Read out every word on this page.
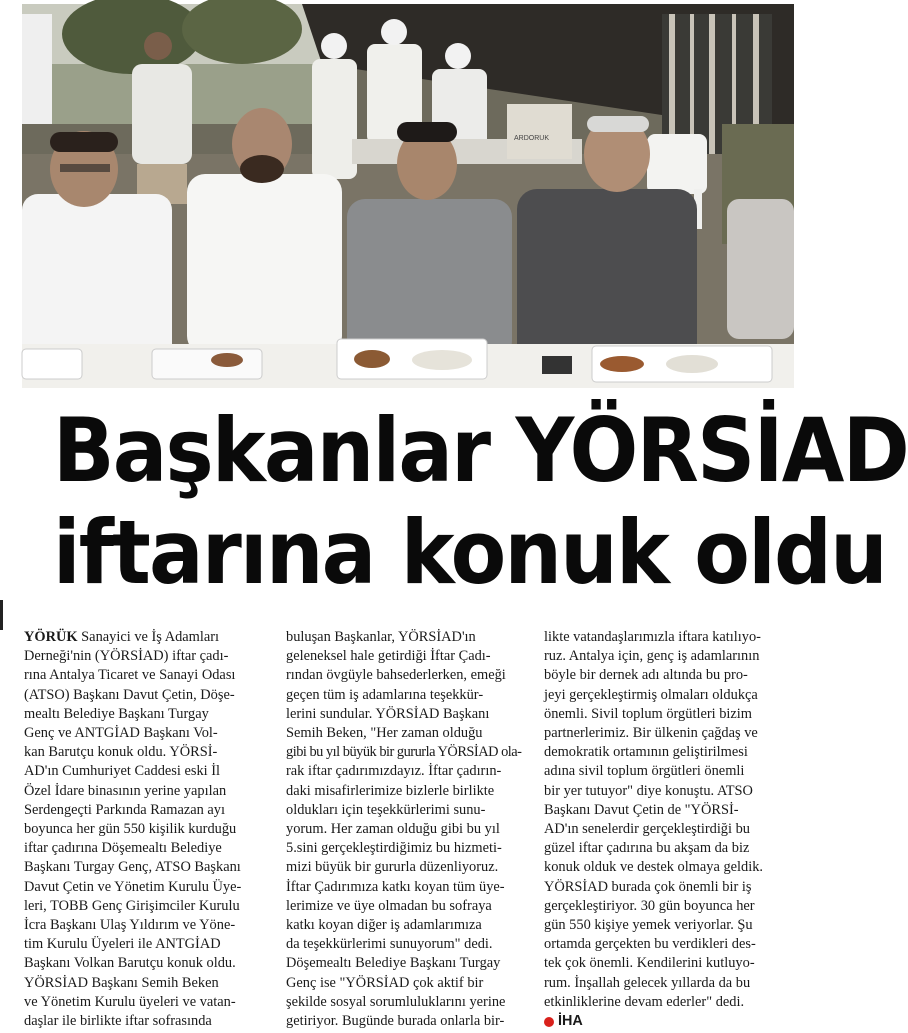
ARDORUK
Başkanlar YÖRSİAD
iftarına konuk oldu

YÖRÜK Sanayici ve İş Adamları

Derneği'nin (YÖRSİAD) iftar çadı-

rına Antalya Ticaret ve Sanayi Odası

(ATSO) Başkanı Davut Çetin, Döşe-

mealtı Belediye Başkanı Turgay

Genç ve ANTGİAD Başkanı Vol-

kan Barutçu konuk oldu. YÖRSİ-

AD'ın Cumhuriyet Caddesi eski İl

Özel İdare binasının yerine yapılan

Serdengeçti Parkında Ramazan ayı

boyunca her gün 550 kişilik kurduğu

iftar çadırına Döşemealtı Belediye

Başkanı Turgay Genç, ATSO Başkanı

Davut Çetin ve Yönetim Kurulu Üye-

leri, TOBB Genç Girişimciler Kurulu

İcra Başkanı Ulaş Yıldırım ve Yöne-

tim Kurulu Üyeleri ile ANTGİAD

Başkanı Volkan Barutçu konuk oldu.

YÖRSİAD Başkanı Semih Beken

ve Yönetim Kurulu üyeleri ve vatan-

daşlar ile birlikte iftar sofrasında

buluşan Başkanlar, YÖRSİAD'ın

geleneksel hale getirdiği İftar Çadı-

rından övgüyle bahsederlerken, emeği

geçen tüm iş adamlarına teşekkür-

lerini sundular. YÖRSİAD Başkanı

Semih Beken, "Her zaman olduğu

gibi bu yıl büyük bir gururla YÖRSİAD ola-

rak iftar çadırımızdayız. İftar çadırın-

daki misafirlerimize bizlerle birlikte

oldukları için teşekkürlerimi sunu-

yorum. Her zaman olduğu gibi bu yıl

5.sini gerçekleştirdiğimiz bu hizmeti-

mizi büyük bir gururla düzenliyoruz.

İftar Çadırımıza katkı koyan tüm üye-

lerimize ve üye olmadan bu sofraya

katkı koyan diğer iş adamlarımıza

da teşekkürlerimi sunuyorum" dedi.

Döşemealtı Belediye Başkanı Turgay

Genç ise "YÖRSİAD çok aktif bir

şekilde sosyal sorumluluklarını yerine

getiriyor. Bugünde burada onlarla bir-

likte vatandaşlarımızla iftara katılıyo-

ruz. Antalya için, genç iş adamlarının

böyle bir dernek adı altında bu pro-

jeyi gerçekleştirmiş olmaları oldukça

önemli. Sivil toplum örgütleri bizim

partnerlerimiz. Bir ülkenin çağdaş ve

demokratik ortamının geliştirilmesi

adına sivil toplum örgütleri önemli

bir yer tutuyor" diye konuştu. ATSO

Başkanı Davut Çetin de "YÖRSİ-

AD'ın senelerdir gerçekleştirdiği bu

güzel iftar çadırına bu akşam da biz

konuk olduk ve destek olmaya geldik.

YÖRSİAD burada çok önemli bir iş

gerçekleştiriyor. 30 gün boyunca her

gün 550 kişiye yemek veriyorlar. Şu

ortamda gerçekten bu verdikleri des-

tek çok önemli. Kendilerini kutluyo-

rum. İnşallah gelecek yıllarda da bu

etkinliklerine devam ederler" dedi.

İHA
